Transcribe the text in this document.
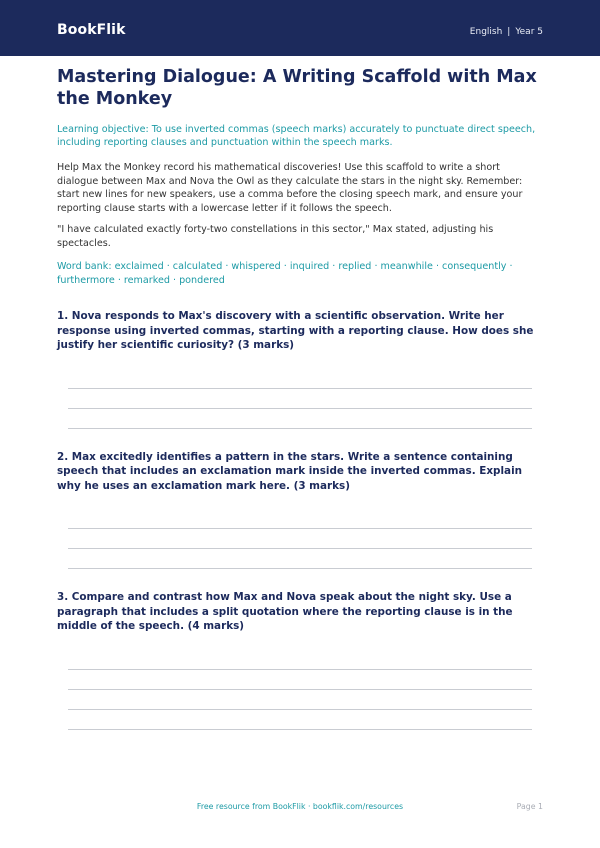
BookFlik	English | Year 5
Mastering Dialogue: A Writing Scaffold with Max the Monkey
Learning objective: To use inverted commas (speech marks) accurately to punctuate direct speech, including reporting clauses and punctuation within the speech marks.
Help Max the Monkey record his mathematical discoveries! Use this scaffold to write a short dialogue between Max and Nova the Owl as they calculate the stars in the night sky. Remember: start new lines for new speakers, use a comma before the closing speech mark, and ensure your reporting clause starts with a lowercase letter if it follows the speech.
"I have calculated exactly forty-two constellations in this sector," Max stated, adjusting his spectacles.
Word bank: exclaimed · calculated · whispered · inquired · replied · meanwhile · consequently · furthermore · remarked · pondered
1. Nova responds to Max's discovery with a scientific observation. Write her response using inverted commas, starting with a reporting clause. How does she justify her scientific curiosity? (3 marks)
2. Max excitedly identifies a pattern in the stars. Write a sentence containing speech that includes an exclamation mark inside the inverted commas. Explain why he uses an exclamation mark here. (3 marks)
3. Compare and contrast how Max and Nova speak about the night sky. Use a paragraph that includes a split quotation where the reporting clause is in the middle of the speech. (4 marks)
Free resource from BookFlik · bookflik.com/resources	Page 1
